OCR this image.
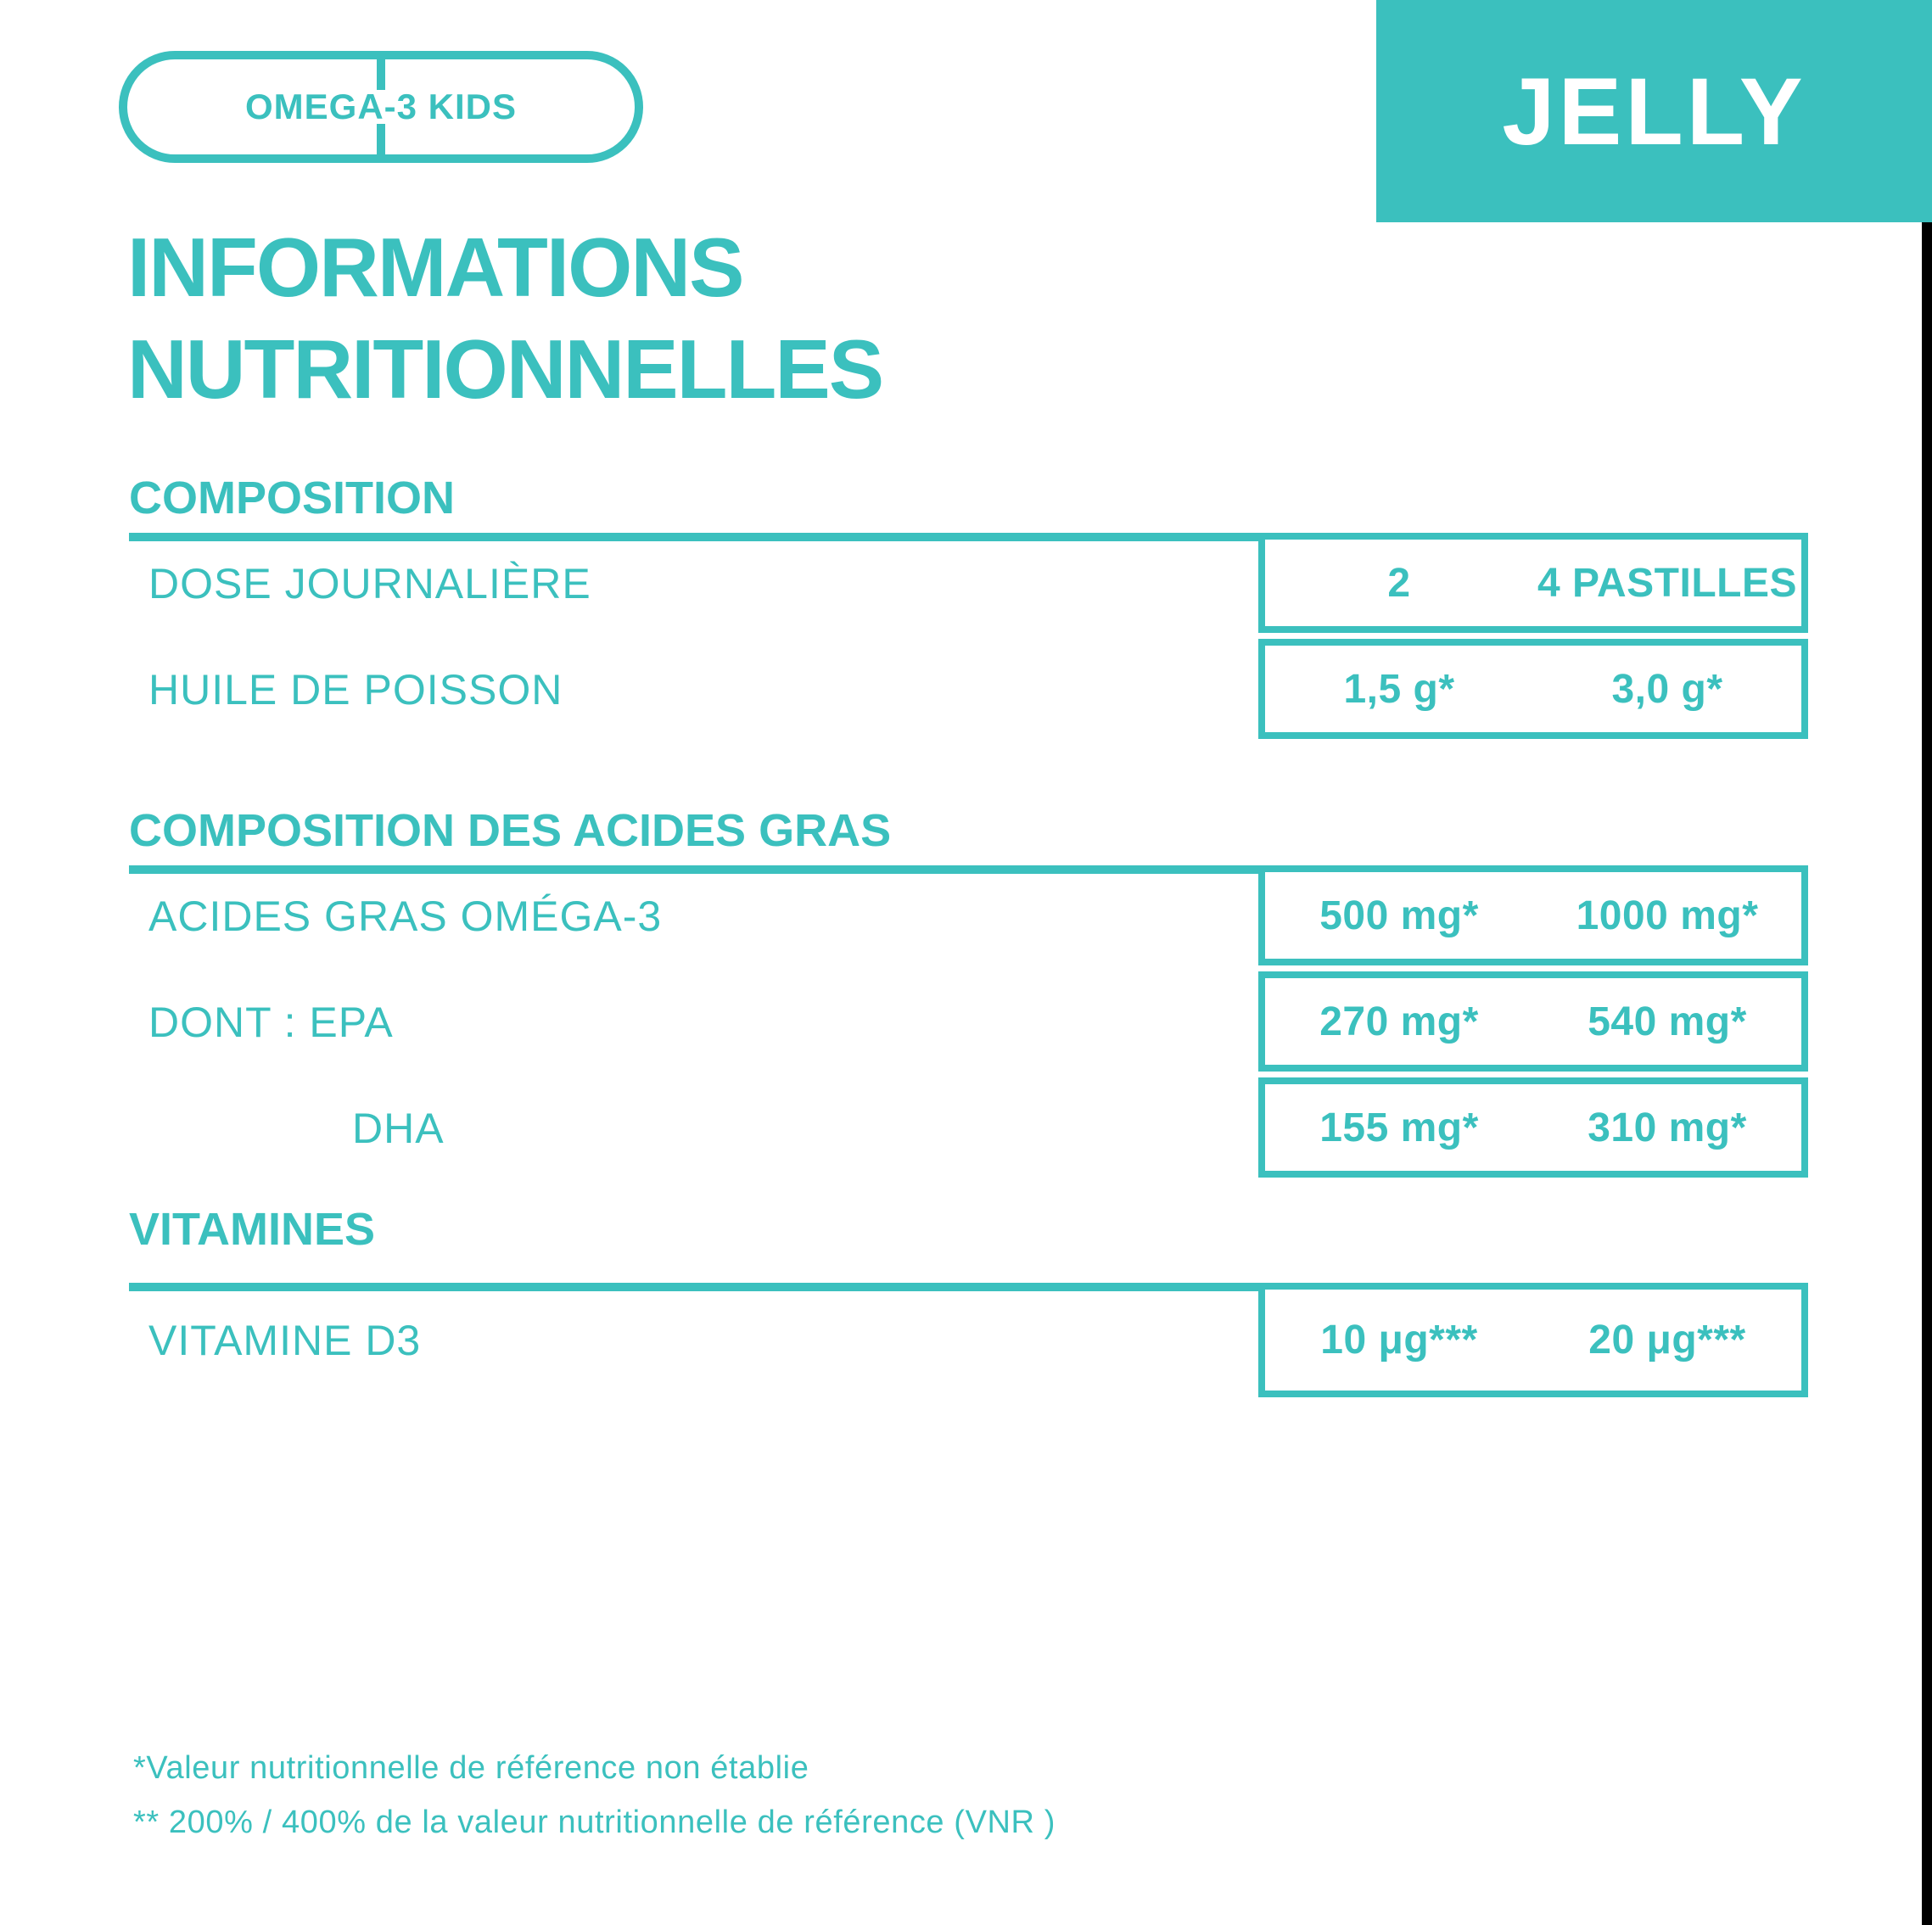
OMEGA-3 KIDS	JELLY
INFORMATIONS
NUTRITIONNELLES
COMPOSITION
DOSE JOURNALIÈRE	2	4 PASTILLES
HUILE DE POISSON	1,5 g*	3,0 g*
COMPOSITION DES ACIDES GRAS
ACIDES GRAS OMÉGA-3	500 mg*	1000 mg*
DONT : EPA	270 mg*	540 mg*
DHA	155 mg*	310 mg*
VITAMINES
VITAMINE D3	10 μg***	20 μg***
*Valeur nutritionnelle de référence non établie
** 200% / 400% de la valeur nutritionnelle de référence (VNR )
